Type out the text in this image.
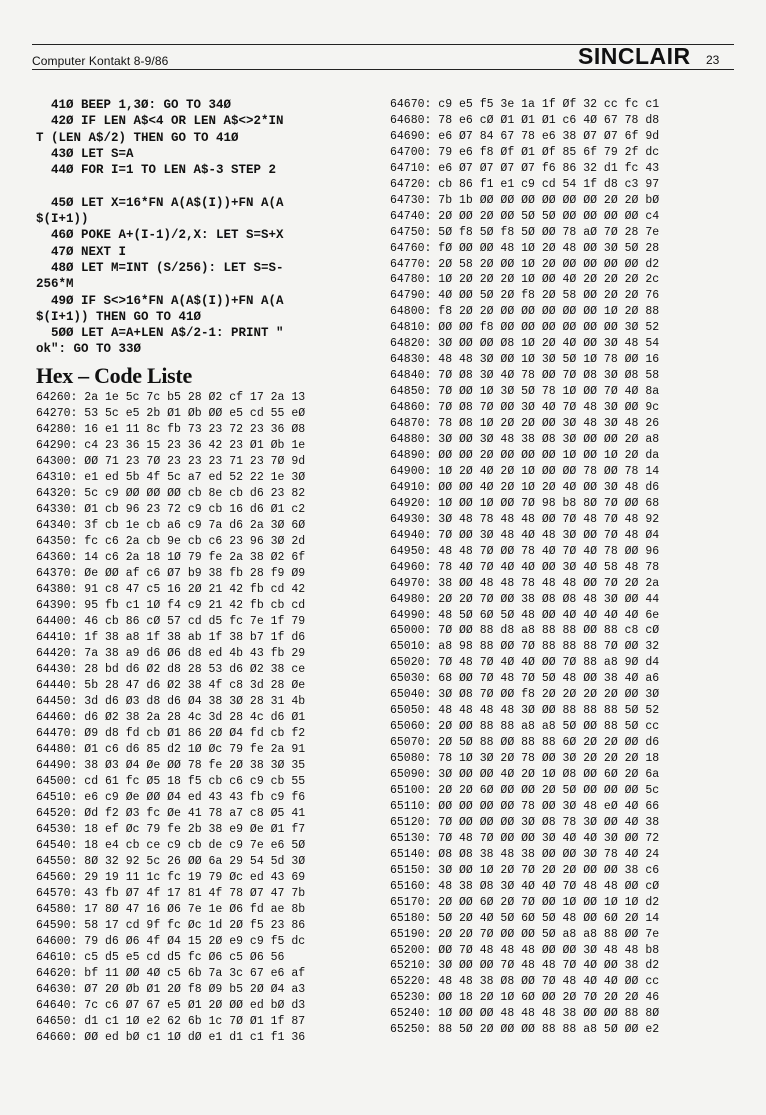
Computer Kontakt 8-9/86	SINCLAIR 23
41Ø BEEP 1,3Ø: GO TO 34Ø
42Ø IF LEN A$<4 OR LEN A$<>2*IN
T (LEN A$/2) THEN GO TO 41Ø
43Ø LET S=A
44Ø FOR I=1 TO LEN A$-3 STEP 2

45Ø LET X=16*FN A(A$(I))+FN A(A
$(I+1))
46Ø POKE A+(I-1)/2,X: LET S=S+X
47Ø NEXT I
48Ø LET M=INT (S/256): LET S=S-
256*M
49Ø IF S<>16*FN A(A$(I))+FN A(A
$(I+1)) THEN GO TO 41Ø
5ØØ LET A=A+LEN A$/2-1: PRINT "
ok": GO TO 33Ø
Hex – Code Liste
64260: 2a 1e 5c 7c b5 28 Ø2 cf 17 2a 13
64270: 53 5c e5 2b Ø1 Øb ØØ e5 cd 55 eØ
64280: 16 e1 11 8c fb 73 23 72 23 36 Ø8
64290: c4 23 36 15 23 36 42 23 Ø1 Øb 1e
64300: ØØ 71 23 7Ø 23 23 23 71 23 7Ø 9d
64310: e1 ed 5b 4f 5c a7 ed 52 22 1e 3Ø
64320: 5c c9 ØØ ØØ ØØ cb 8e cb d6 23 82
64330: Ø1 cb 96 23 72 c9 cb 16 d6 Ø1 c2
64340: 3f cb 1e cb a6 c9 7a d6 2a 3Ø 6Ø
64350: fc c6 2a cb 9e cb c6 23 96 3Ø 2d
64360: 14 c6 2a 18 1Ø 79 fe 2a 38 Ø2 6f
64370: Øe ØØ af c6 Ø7 b9 38 fb 28 f9 Ø9
64380: 91 c8 47 c5 16 2Ø 21 42 fb cd 42
64390: 95 fb c1 1Ø f4 c9 21 42 fb cb cd
64400: 46 cb 86 cØ 57 cd d5 fc 7e 1f 79
64410: 1f 38 a8 1f 38 ab 1f 38 b7 1f d6
64420: 7a 38 a9 d6 Ø6 d8 ed 4b 43 fb 29
64430: 28 bd d6 Ø2 d8 28 53 d6 Ø2 38 ce
64440: 5b 28 47 d6 Ø2 38 4f c8 3d 28 Øe
64450: 3d d6 Ø3 d8 d6 Ø4 38 3Ø 28 31 4b
64460: d6 Ø2 38 2a 28 4c 3d 28 4c d6 Ø1
64470: Ø9 d8 fd cb Ø1 86 2Ø Ø4 fd cb f2
64480: Ø1 c6 d6 85 d2 1Ø Øc 79 fe 2a 91
64490: 38 Ø3 Ø4 Øe ØØ 78 fe 2Ø 38 3Ø 35
64500: cd 61 fc Ø5 18 f5 cb c6 c9 cb 55
64510: e6 c9 Øe ØØ Ø4 ed 43 43 fb c9 f6
64520: Ød f2 Ø3 fc Øe 41 78 a7 c8 Ø5 41
64530: 18 ef Øc 79 fe 2b 38 e9 Øe Ø1 f7
64540: 18 e4 cb ce c9 cb de c9 7e e6 5Ø
64550: 8Ø 32 92 5c 26 ØØ 6a 29 54 5d 3Ø
64560: 29 19 11 1c fc 19 79 Øc ed 43 69
64570: 43 fb Ø7 4f 17 81 4f 78 Ø7 47 7b
64580: 17 8Ø 47 16 Ø6 7e 1e Ø6 fd ae 8b
64590: 58 17 cd 9f fc Øc 1d 2Ø f5 23 86
64600: 79 d6 Ø6 4f Ø4 15 2Ø e9 c9 f5 dc
64610: c5 d5 e5 cd d5 fc Ø6 c5 Ø6 56
64620: bf 11 ØØ 4Ø c5 6b 7a 3c 67 e6 af
64630: Ø7 2Ø Øb Ø1 2Ø f8 Ø9 b5 2Ø Ø4 a3
64640: 7c c6 Ø7 67 e5 Ø1 2Ø ØØ ed bØ d3
64650: d1 c1 1Ø e2 62 6b 1c 7Ø Ø1 1f 87
64660: ØØ ed bØ c1 1Ø dØ e1 d1 c1 f1 36
64670: c9 e5 f5 3e 1a 1f Øf 32 cc fc c1
64680: 78 e6 cØ Ø1 Ø1 Ø1 c6 4Ø 67 78 d8
64690: e6 Ø7 84 67 78 e6 38 Ø7 Ø7 6f 9d
64700: 79 e6 f8 Øf Ø1 Øf 85 6f 79 2f dc
64710: e6 Ø7 Ø7 Ø7 Ø7 f6 86 32 d1 fc 43
64720: cb 86 f1 e1 c9 cd 54 1f d8 c3 97
64730: 7b 1b ØØ ØØ ØØ ØØ ØØ ØØ 2Ø 2Ø bØ
64740: 2Ø ØØ 2Ø ØØ 5Ø 5Ø ØØ ØØ ØØ ØØ c4
64750: 5Ø f8 5Ø f8 5Ø ØØ 78 aØ 7Ø 28 7e
64760: fØ ØØ ØØ 48 1Ø 2Ø 48 ØØ 3Ø 5Ø 28
64770: 2Ø 58 2Ø ØØ 1Ø 2Ø ØØ ØØ ØØ ØØ d2
64780: 1Ø 2Ø 2Ø 2Ø 1Ø ØØ 4Ø 2Ø 2Ø 2Ø 2c
64790: 4Ø ØØ 5Ø 2Ø f8 2Ø 58 ØØ 2Ø 2Ø 76
64800: f8 2Ø 2Ø ØØ ØØ ØØ ØØ ØØ 1Ø 2Ø 88
64810: ØØ ØØ f8 ØØ ØØ ØØ ØØ ØØ ØØ 3Ø 52
64820: 3Ø ØØ ØØ Ø8 1Ø 2Ø 4Ø ØØ 3Ø 48 54
64830: 48 48 3Ø ØØ 1Ø 3Ø 5Ø 1Ø 78 ØØ 16
64840: 7Ø Ø8 3Ø 4Ø 78 ØØ 7Ø Ø8 3Ø Ø8 58
64850: 7Ø ØØ 1Ø 3Ø 5Ø 78 1Ø ØØ 7Ø 4Ø 8a
64860: 7Ø Ø8 7Ø ØØ 3Ø 4Ø 7Ø 48 3Ø ØØ 9c
64870: 78 Ø8 1Ø 2Ø 2Ø ØØ 3Ø 48 3Ø 48 26
64880: 3Ø ØØ 3Ø 48 38 Ø8 3Ø ØØ ØØ 2Ø a8
64890: ØØ ØØ 2Ø ØØ ØØ ØØ 1Ø ØØ 1Ø 2Ø da
64900: 1Ø 2Ø 4Ø 2Ø 1Ø ØØ ØØ 78 ØØ 78 14
64910: ØØ ØØ 4Ø 2Ø 1Ø 2Ø 4Ø ØØ 3Ø 48 d6
64920: 1Ø ØØ 1Ø ØØ 7Ø 98 b8 8Ø 7Ø ØØ 68
64930: 3Ø 48 78 48 48 ØØ 7Ø 48 7Ø 48 92
64940: 7Ø ØØ 3Ø 48 4Ø 48 3Ø ØØ 7Ø 48 Ø4
64950: 48 48 7Ø ØØ 78 4Ø 7Ø 4Ø 78 ØØ 96
64960: 78 4Ø 7Ø 4Ø 4Ø ØØ 3Ø 4Ø 58 48 78
64970: 38 ØØ 48 48 78 48 48 ØØ 7Ø 2Ø 2a
64980: 2Ø 2Ø 7Ø ØØ 38 Ø8 Ø8 48 3Ø ØØ 44
64990: 48 5Ø 6Ø 5Ø 48 ØØ 4Ø 4Ø 4Ø 4Ø 6e
65000: 7Ø ØØ 88 d8 a8 88 88 ØØ 88 c8 cØ
65010: a8 98 88 ØØ 7Ø 88 88 88 7Ø ØØ 32
65020: 7Ø 48 7Ø 4Ø 4Ø ØØ 7Ø 88 a8 9Ø d4
65030: 68 ØØ 7Ø 48 7Ø 5Ø 48 ØØ 38 4Ø a6
65040: 3Ø Ø8 7Ø ØØ f8 2Ø 2Ø 2Ø 2Ø ØØ 3Ø
65050: 48 48 48 48 3Ø ØØ 88 88 88 5Ø 52
65060: 2Ø ØØ 88 88 a8 a8 5Ø ØØ 88 5Ø cc
65070: 2Ø 5Ø 88 ØØ 88 88 6Ø 2Ø 2Ø ØØ d6
65080: 78 1Ø 3Ø 2Ø 78 ØØ 3Ø 2Ø 2Ø 2Ø 18
65090: 3Ø ØØ ØØ 4Ø 2Ø 1Ø Ø8 ØØ 6Ø 2Ø 6a
65100: 2Ø 2Ø 6Ø ØØ ØØ 2Ø 5Ø ØØ ØØ ØØ 5c
65110: ØØ ØØ ØØ ØØ 78 ØØ 3Ø 48 eØ 4Ø 66
65120: 7Ø ØØ ØØ ØØ 3Ø Ø8 78 3Ø ØØ 4Ø 38
65130: 7Ø 48 7Ø ØØ ØØ 3Ø 4Ø 4Ø 3Ø ØØ 72
65140: Ø8 Ø8 38 48 38 ØØ ØØ 3Ø 78 4Ø 24
65150: 3Ø ØØ 1Ø 2Ø 7Ø 2Ø 2Ø ØØ ØØ 38 c6
65160: 48 38 Ø8 3Ø 4Ø 4Ø 7Ø 48 48 ØØ cØ
65170: 2Ø ØØ 6Ø 2Ø 7Ø ØØ 1Ø ØØ 1Ø 1Ø d2
65180: 5Ø 2Ø 4Ø 5Ø 6Ø 5Ø 48 ØØ 6Ø 2Ø 14
65190: 2Ø 2Ø 7Ø ØØ ØØ 5Ø a8 a8 88 ØØ 7e
65200: ØØ 7Ø 48 48 48 ØØ ØØ 3Ø 48 48 b8
65210: 3Ø ØØ ØØ 7Ø 48 48 7Ø 4Ø ØØ 38 d2
65220: 48 48 38 Ø8 ØØ 7Ø 48 4Ø 4Ø ØØ cc
65230: ØØ 18 2Ø 1Ø 6Ø ØØ 2Ø 7Ø 2Ø 2Ø 46
65240: 1Ø ØØ ØØ 48 48 48 38 ØØ ØØ 88 8Ø
65250: 88 5Ø 2Ø ØØ ØØ 88 88 a8 5Ø ØØ e2
